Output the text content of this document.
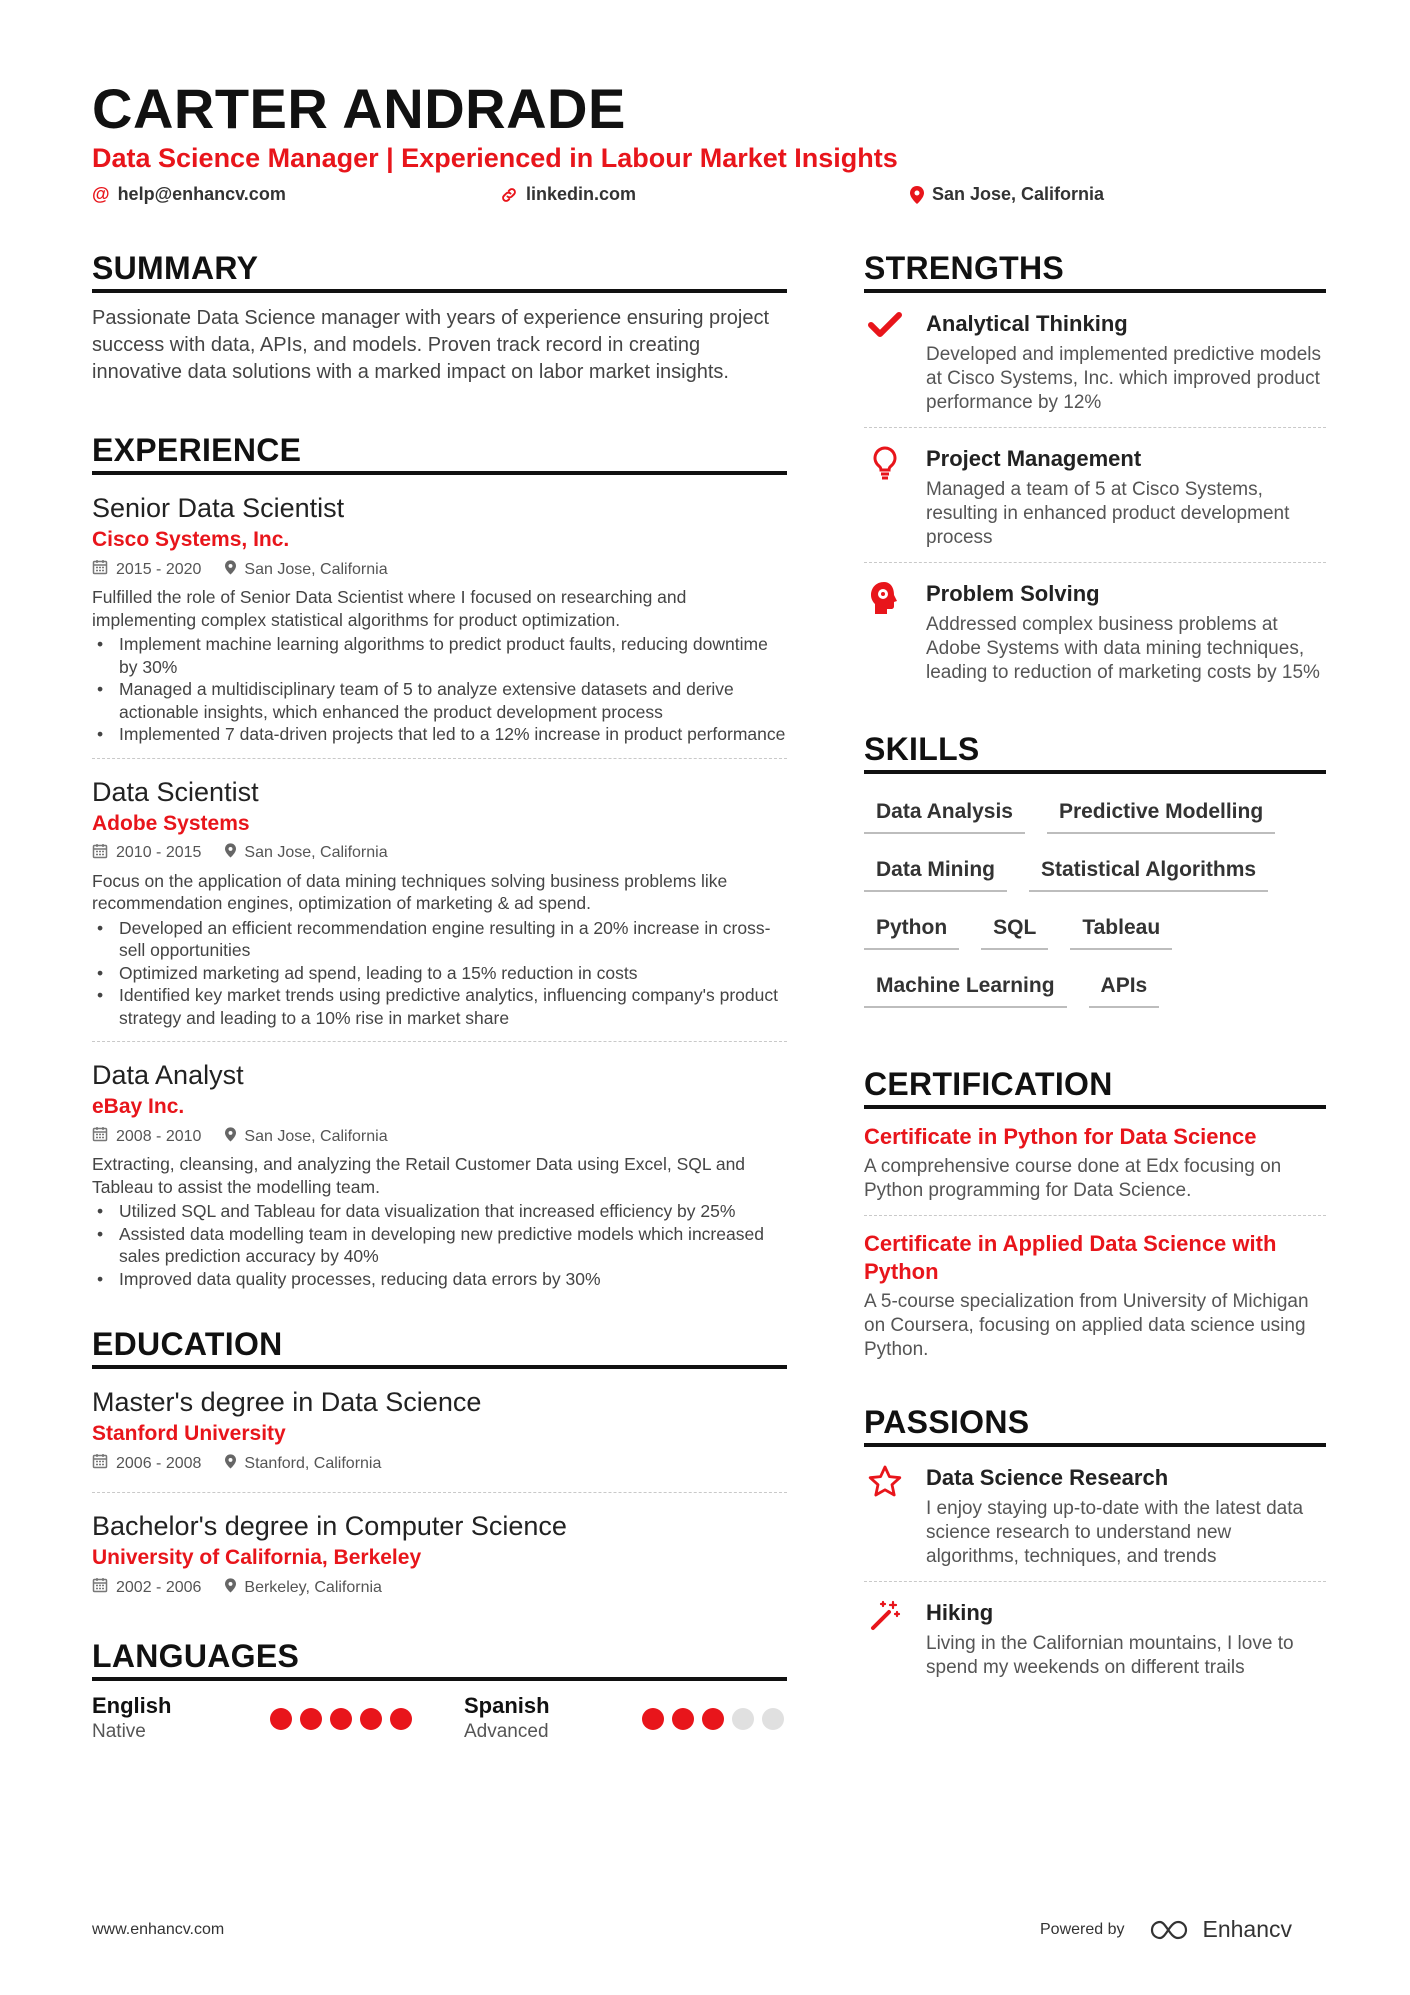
CARTER ANDRADE
Data Science Manager | Experienced in Labour Market Insights
@ help@enhancv.com	linkedin.com	San Jose, California
SUMMARY
Passionate Data Science manager with years of experience ensuring project success with data, APIs, and models. Proven track record in creating innovative data solutions with a marked impact on labor market insights.
EXPERIENCE
Senior Data Scientist
Cisco Systems, Inc.
2015 - 2020	San Jose, California
Fulfilled the role of Senior Data Scientist where I focused on researching and implementing complex statistical algorithms for product optimization.
• Implement machine learning algorithms to predict product faults, reducing downtime by 30%
• Managed a multidisciplinary team of 5 to analyze extensive datasets and derive actionable insights, which enhanced the product development process
• Implemented 7 data-driven projects that led to a 12% increase in product performance
Data Scientist
Adobe Systems
2010 - 2015	San Jose, California
Focus on the application of data mining techniques solving business problems like recommendation engines, optimization of marketing & ad spend.
• Developed an efficient recommendation engine resulting in a 20% increase in cross-sell opportunities
• Optimized marketing ad spend, leading to a 15% reduction in costs
• Identified key market trends using predictive analytics, influencing company's product strategy and leading to a 10% rise in market share
Data Analyst
eBay Inc.
2008 - 2010	San Jose, California
Extracting, cleansing, and analyzing the Retail Customer Data using Excel, SQL and Tableau to assist the modelling team.
• Utilized SQL and Tableau for data visualization that increased efficiency by 25%
• Assisted data modelling team in developing new predictive models which increased sales prediction accuracy by 40%
• Improved data quality processes, reducing data errors by 30%
EDUCATION
Master's degree in Data Science
Stanford University
2006 - 2008	Stanford, California
Bachelor's degree in Computer Science
University of California, Berkeley
2002 - 2006	Berkeley, California
LANGUAGES
English
Native
Spanish
Advanced
STRENGTHS
Analytical Thinking
Developed and implemented predictive models at Cisco Systems, Inc. which improved product performance by 12%
Project Management
Managed a team of 5 at Cisco Systems, resulting in enhanced product development process
Problem Solving
Addressed complex business problems at Adobe Systems with data mining techniques, leading to reduction of marketing costs by 15%
SKILLS
Data Analysis	Predictive Modelling
Data Mining	Statistical Algorithms
Python	SQL	Tableau
Machine Learning	APIs
CERTIFICATION
Certificate in Python for Data Science
A comprehensive course done at Edx focusing on Python programming for Data Science.
Certificate in Applied Data Science with Python
A 5-course specialization from University of Michigan on Coursera, focusing on applied data science using Python.
PASSIONS
Data Science Research
I enjoy staying up-to-date with the latest data science research to understand new algorithms, techniques, and trends
Hiking
Living in the Californian mountains, I love to spend my weekends on different trails
www.enhancv.com	Powered by	Enhancv
